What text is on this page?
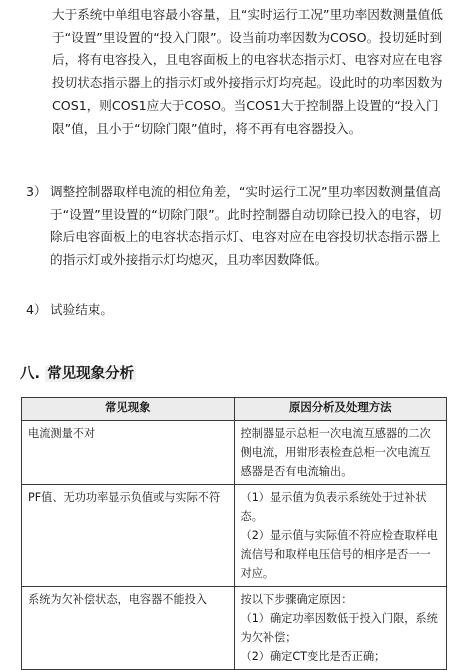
大于系统中单组电容最小容量，且“实时运行工况”里功率因数测量值低于“设置”里设置的“投入门限”。设当前功率因数为COSO。投切延时到后，将有电容投入，且电容面板上的电容状态指示灯、电容对应在电容投切状态指示器上的指示灯或外接指示灯均亮起。设此时的功率因数为COS1，则COS1应大于COSO。当COS1大于控制器上设置的“投入门限”值，且小于“切除门限”值时，将不再有电容器投入。
3） 调整控制器取样电流的相位角差，“实时运行工况”里功率因数测量值高于“设置”里设置的“切除门限”。此时控制器自动切除已投入的电容，切除后电容面板上的电容状态指示灯、电容对应在电容投切状态指示器上的指示灯或外接指示灯均熄灭，且功率因数降低。
4） 试验结束。
八. 常见现象分析
常见现象	原因分析及处理方法
电流测量不对	控制器显示总柜一次电流互感器的二次侧电流，用钳形表检查总柜一次电流互感器是否有电流输出。

PF值、无功功率显示负值或与实际不符	（1）显示值为负表示系统处于过补状态。
（2）显示值与实际值不符应检查取样电流信号和取样电压信号的相序是否一一对应。

系统为欠补偿状态，电容器不能投入	按以下步骤确定原因：
（1）确定功率因数低于投入门限，系统为欠补偿；
（2）确定CT变比是否正确；
